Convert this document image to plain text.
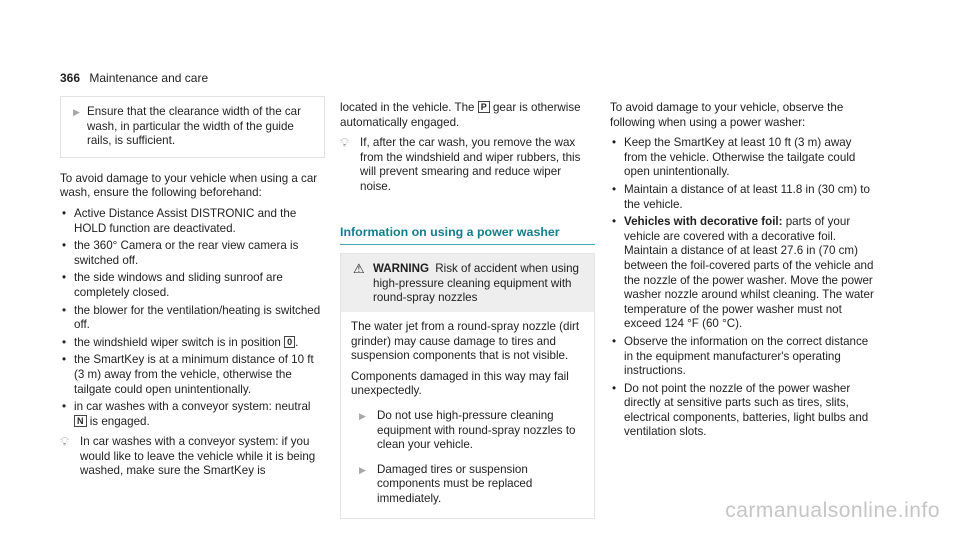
366 Maintenance and care
▶ Ensure that the clearance width of the car wash, in particular the width of the guide rails, is sufficient.

To avoid damage to your vehicle when using a car wash, ensure the following beforehand:

• Active Distance Assist DISTRONIC and the HOLD function are deactivated.
• the 360° Camera or the rear view camera is switched off.
• the side windows and sliding sunroof are completely closed.
• the blower for the ventilation/heating is switched off.
• the windshield wiper switch is in position 0 .
• the SmartKey is at a minimum distance of 10 ft (3 m) away from the vehicle, otherwise the tailgate could open unintentionally.
• in car washes with a conveyor system: neutral N is engaged.
💡︎ In car washes with a conveyor system: if you would like to leave the vehicle while it is being washed, make sure the SmartKey is

located in the vehicle. The P gear is otherwise automatically engaged.

💡︎ If, after the car wash, you remove the wax from the windshield and wiper rubbers, this will prevent smearing and reduce wiper noise.
Information on using a power washer
⚠ WARNING Risk of accident when using high-pressure cleaning equipment with round-spray nozzles

The water jet from a round-spray nozzle (dirt grinder) may cause damage to tires and suspension components that is not visible.

Components damaged in this way may fail unexpectedly.

▶ Do not use high-pressure cleaning equipment with round-spray nozzles to clean your vehicle.
▶ Damaged tires or suspension components must be replaced immediately.

To avoid damage to your vehicle, observe the following when using a power washer:

• Keep the SmartKey at least 10 ft (3 m) away from the vehicle. Otherwise the tailgate could open unintentionally.
• Maintain a distance of at least 11.8 in (30 cm) to the vehicle.
• Vehicles with decorative foil: parts of your vehicle are covered with a decorative foil. Maintain a distance of at least 27.6 in (70 cm) between the foil-covered parts of the vehicle and the nozzle of the power washer. Move the power washer nozzle around whilst cleaning. The water temperature of the power washer must not exceed 124 °F (60 °C).
• Observe the information on the correct distance in the equipment manufacturer's operating instructions.
• Do not point the nozzle of the power washer directly at sensitive parts such as tires, slits, electrical components, batteries, light bulbs and ventilation slots.
carmanualsonline.info
